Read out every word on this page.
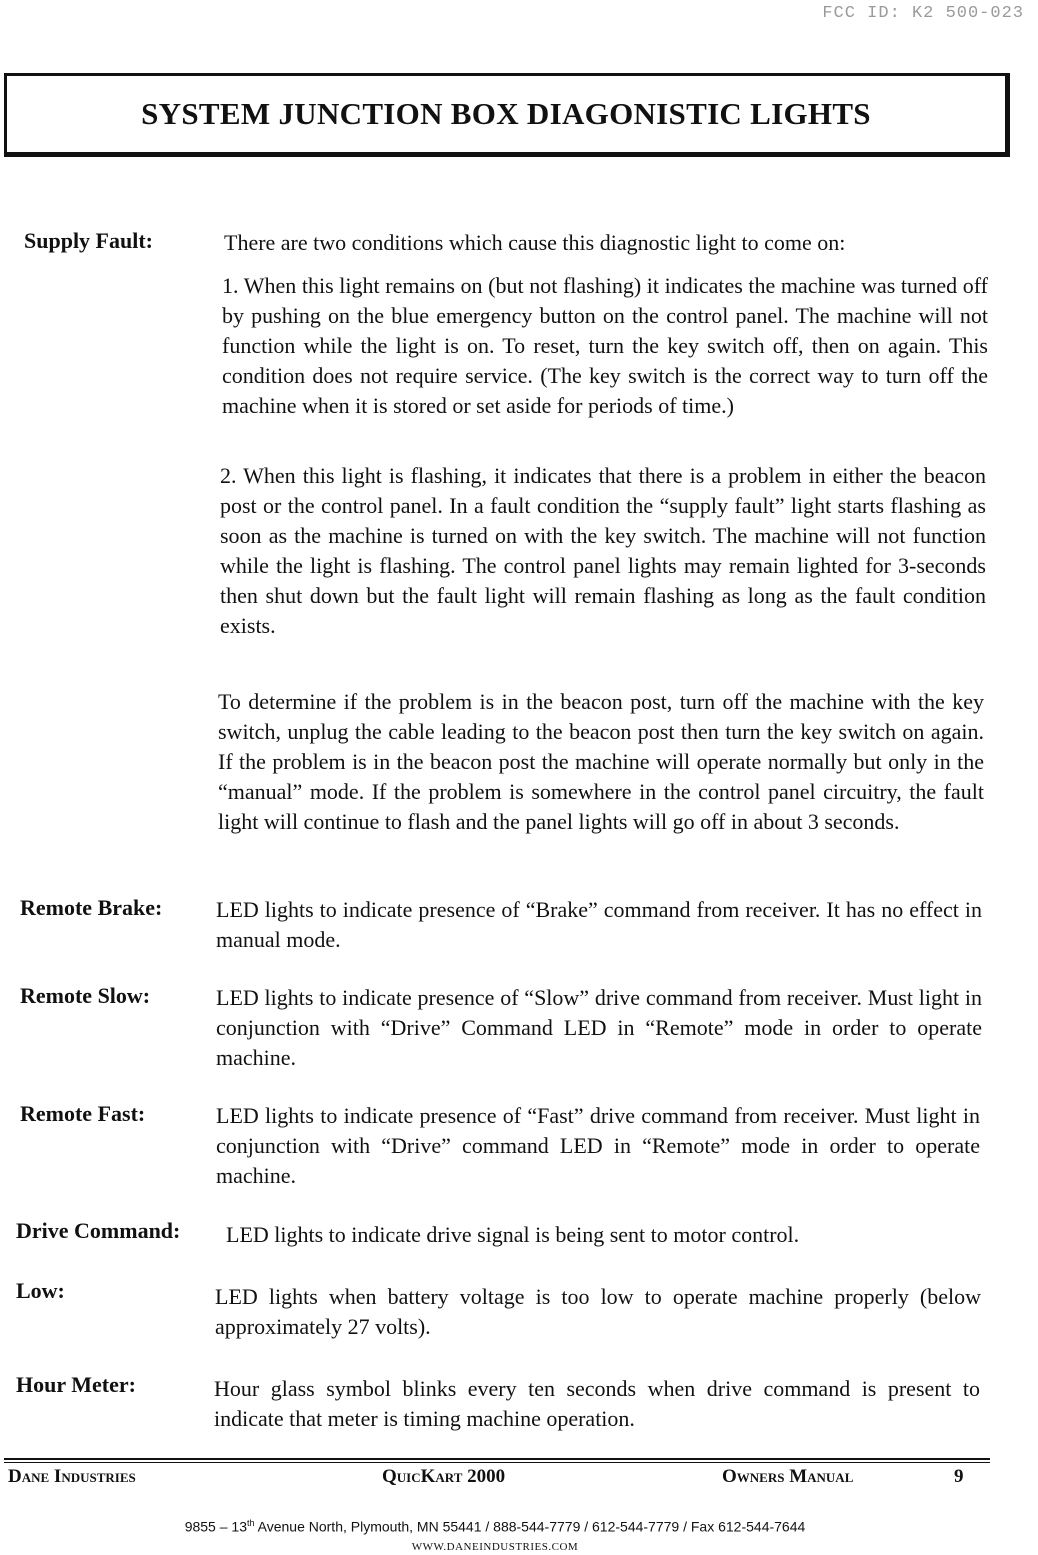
FCC ID: K2 500-023
SYSTEM JUNCTION BOX DIAGONISTIC LIGHTS
Supply Fault:	There are two conditions which cause this diagnostic light to come on:

1. When this light remains on (but not flashing) it indicates the machine was turned off by pushing on the blue emergency button on the control panel. The machine will not function while the light is on. To reset, turn the key switch off, then on again. This condition does not require service. (The key switch is the correct way to turn off the machine when it is stored or set aside for periods of time.)

2. When this light is flashing, it indicates that there is a problem in either the beacon post or the control panel. In a fault condition the “supply fault” light starts flashing as soon as the machine is turned on with the key switch. The machine will not function while the light is flashing. The control panel lights may remain lighted for 3-seconds then shut down but the fault light will remain flashing as long as the fault condition exists.

To determine if the problem is in the beacon post, turn off the machine with the key switch, unplug the cable leading to the beacon post then turn the key switch on again. If the problem is in the beacon post the machine will operate normally but only in the “manual” mode. If the problem is somewhere in the control panel circuitry, the fault light will continue to flash and the panel lights will go off in about 3 seconds.

Remote Brake: LED lights to indicate presence of “Brake” command from receiver. It has no effect in manual mode.

Remote Slow:	LED lights to indicate presence of “Slow” drive command from receiver. Must light in conjunction with “Drive” Command LED in “Remote” mode in order to operate machine.

Remote Fast:	LED lights to indicate presence of “Fast” drive command from receiver. Must light in conjunction with “Drive” command LED in “Remote” mode in order to operate machine.

Drive Command: LED lights to indicate drive signal is being sent to motor control.

Low:	LED lights when battery voltage is too low to operate machine properly (below approximately 27 volts).

Hour Meter:	Hour glass symbol blinks every ten seconds when drive command is present to indicate that meter is timing machine operation.

Dane Industries	QuicKart 2000	Owners Manual	9
9855 – 13th Avenue North, Plymouth, MN 55441 / 888-544-7779 / 612-544-7779 / Fax 612-544-7644
WWW.DANEINDUSTRIES.COM
